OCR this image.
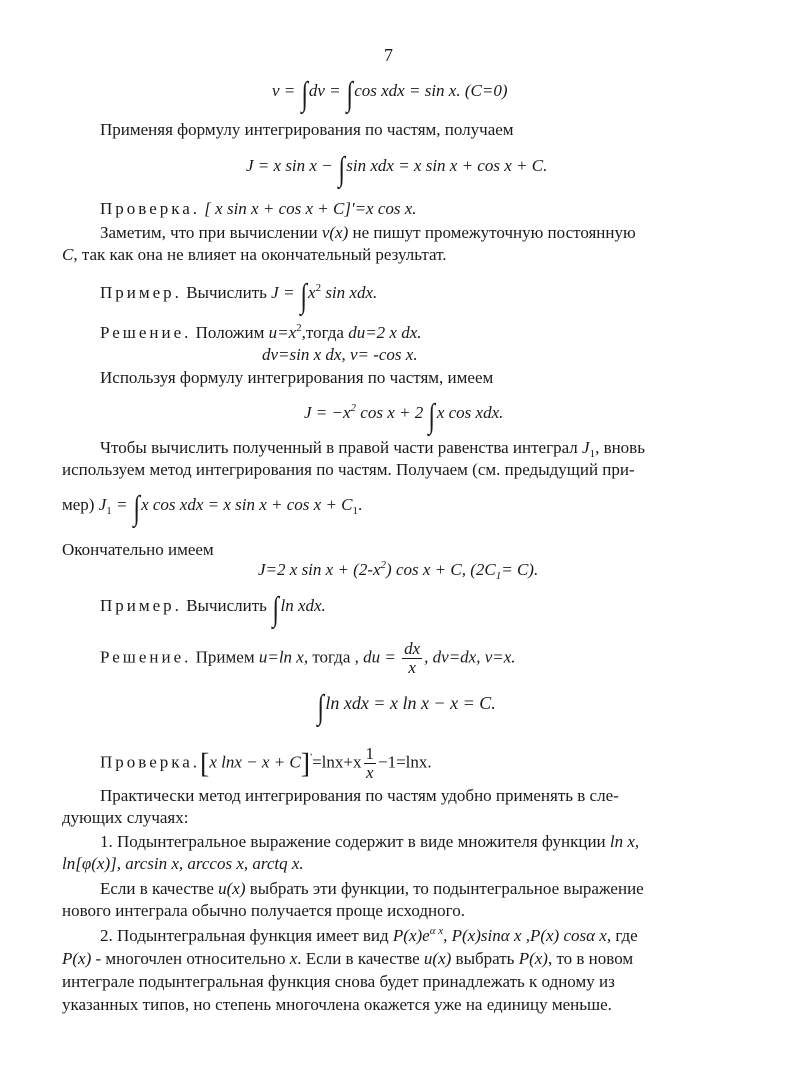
7
v = ∫dv = ∫cos xdx = sin x. (C=0)
Применяя формулу интегрирования по частям, получаем
J = x sin x − ∫sin xdx = x sin x + cos x + C.
Проверка. [ x sin x + cos x + C]'=x cos x.
Заметим, что при вычислении v(x) не пишут промежуточную постоянную
C, так как она не влияет на окончательный результат.
Пример. Вычислить $J = \int x^2$ sin xdx.
Решение. Положим $u=x^2,тогда$ du=2 x dx.
dv=sin x dx, v= -cos x.
Используя формулу интегрирования по частям, имеем
$J = -x^2$ cos x + 2 ∫x cos xdx.
Чтобы вычислить полученный в правой части равенства интеграл $J_1$, вновь
используем метод интегрирования по частям. Получаем (см. предыдущий при-
мер) $J_1 = \int x$ cos xdx = x $\sin x + \cos x + C_1$.
Окончательно имеем
J=2 x $\sin x + (2-x^2)$ cos x + C, $(2C_1= C)$.
Пример. Вычислить ∫ln xdx.
Решение. Примем u=ln x, тогда , du = $\frac{dx}{x}$ , dv=dx, v=x.
∫ln xdx = x ln x − x = C.
Проверка.[x $\ln x - x + C]'=\ln x+x \frac{1}{x} -1=\ln x$.
Практически метод интегрирования по частям удобно применять в сле-
дующих случаях:
1. Подынтегральное выражение содержит в виде множителя функции ln x,
ln[φ(x)], arcsin x, arccos x, arctq x.
Если в качестве u(x) выбрать эти функции, то подынтегральное выражение
нового интеграла обычно получается проще исходного.
2. Подынтегральная функция имеет вид $P(x)e^{\alpha x}$, P(x)sinα x ,P(x) cosα x, где
P(x) - многочлен относительно x. Если в качестве u(x) выбрать P(x), то в новом
интеграле подынтегральная функция снова будет принадлежать к одному из
указанных типов, но степень многочлена окажется уже на единицу меньше.
